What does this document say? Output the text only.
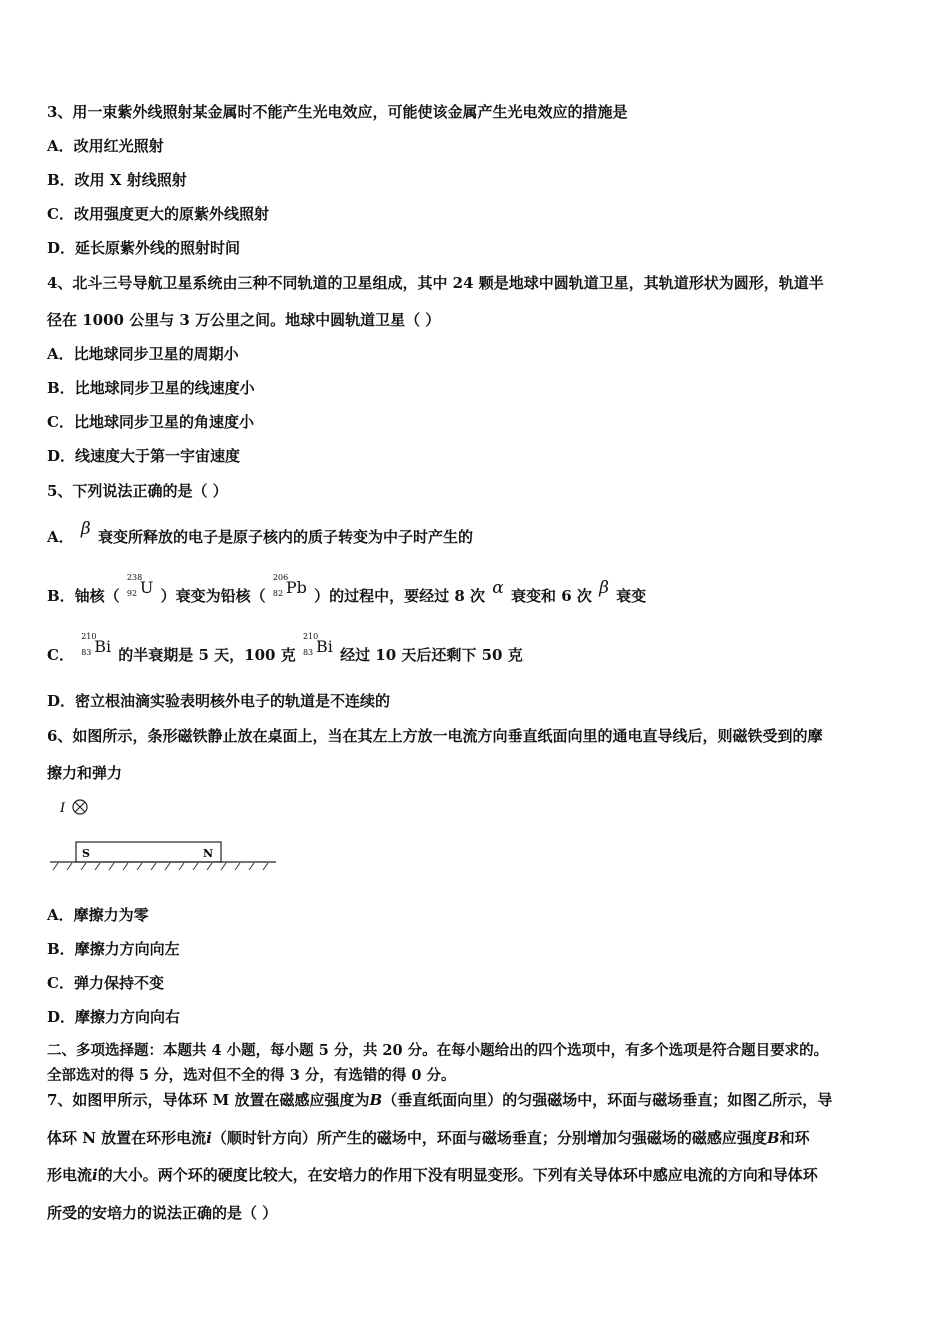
3、用一束紫外线照射某金属时不能产生光电效应，可能使该金属产生光电效应的措施是
A．改用红光照射
B．改用 X 射线照射
C．改用强度更大的原紫外线照射
D．延长原紫外线的照射时间
4、北斗三号导航卫星系统由三种不同轨道的卫星组成，其中 24 颗是地球中圆轨道卫星，其轨道形状为圆形，轨道半
径在 1000 公里与 3 万公里之间。地球中圆轨道卫星（ ）
A．比地球同步卫星的周期小
B．比地球同步卫星的线速度小
C．比地球同步卫星的角速度小
D．线速度大于第一宇宙速度
5、下列说法正确的是（ ）
A． β 衰变所释放的电子是原子核内的质子转变为中子时产生的
B．铀核（
238
92 U ）衰变为铅核（
206
82 Pb ）的过程中，要经过 8 次 α 衰变和 6 次 β 衰变
C．
210
83 Bi 的半衰期是 5 天，100 克
210
83 Bi 经过 10 天后还剩下 50 克
D．密立根油滴实验表明核外电子的轨道是不连续的
6、如图所示，条形磁铁静止放在桌面上，当在其左上方放一电流方向垂直纸面向里的通电直导线后，则磁铁受到的摩
擦力和弹力
I
S	N
A．摩擦力为零
B．摩擦力方向向左
C．弹力保持不变
D．摩擦力方向向右
二、多项选择题：本题共 4 小题，每小题 5 分，共 20 分。在每小题给出的四个选项中，有多个选项是符合题目要求的。
全部选对的得 5 分，选对但不全的得 3 分，有选错的得 0 分。
7、如图甲所示，导体环 M 放置在磁感应强度为B（垂直纸面向里）的匀强磁场中，环面与磁场垂直；如图乙所示，导
体环 N 放置在环形电流i（顺时针方向）所产生的磁场中，环面与磁场垂直；分别增加匀强磁场的磁感应强度B和环
形电流i的大小。两个环的硬度比较大，在安培力的作用下没有明显变形。下列有关导体环中感应电流的方向和导体环
所受的安培力的说法正确的是（ ）
